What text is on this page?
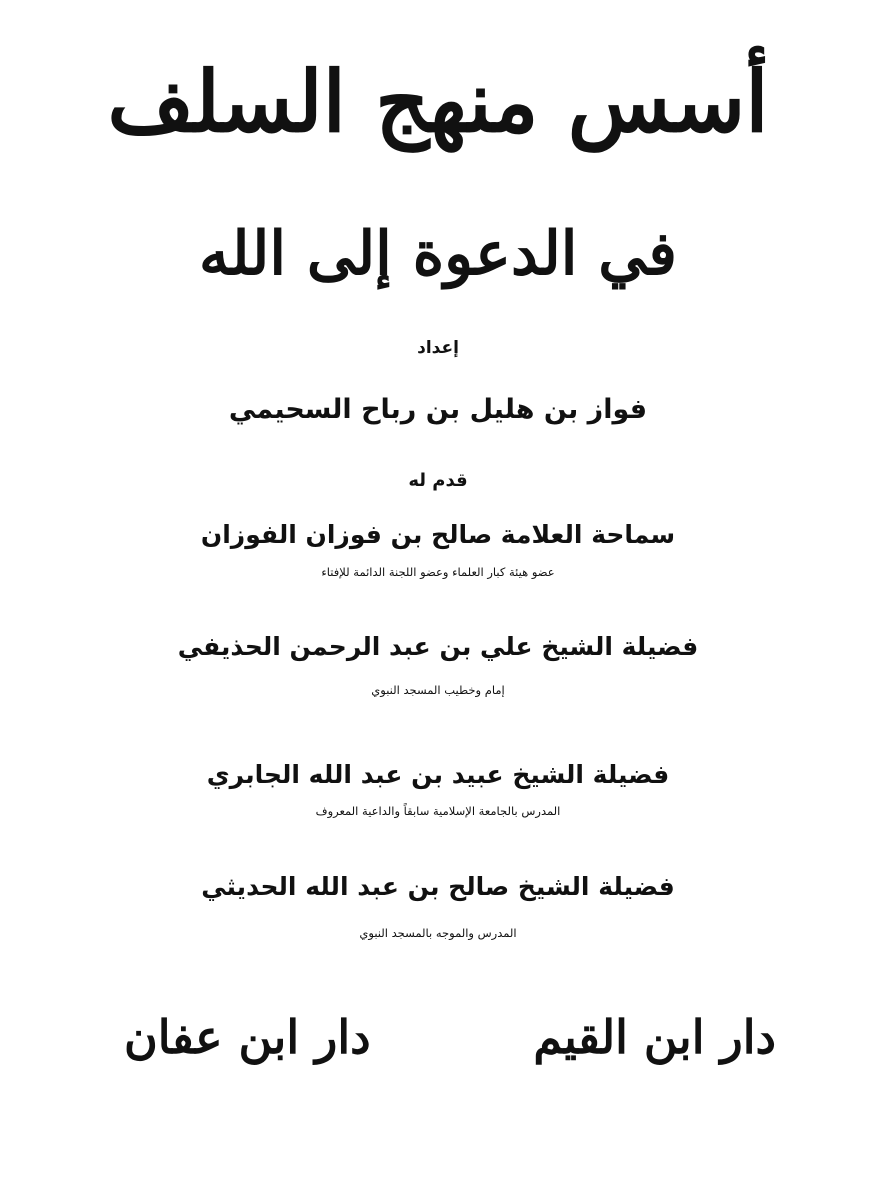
أسس منهج السلف
في الدعوة إلى الله
إعداد
فواز بن هليل بن رباح السحيمي
قدم له
سماحة العلامة صالح بن فوزان الفوزان
عضو هيئة كبار العلماء وعضو اللجنة الدائمة للإفتاء
فضيلة الشيخ علي بن عبد الرحمن الحذيفي
إمام وخطيب المسجد النبوي
فضيلة الشيخ عبيد بن عبد الله الجابري
المدرس بالجامعة الإسلامية سابقاً والداعية المعروف
فضيلة الشيخ صالح بن عبد الله الحديثي
المدرس والموجه بالمسجد النبوي
دار ابن القيم
دار ابن عفان
